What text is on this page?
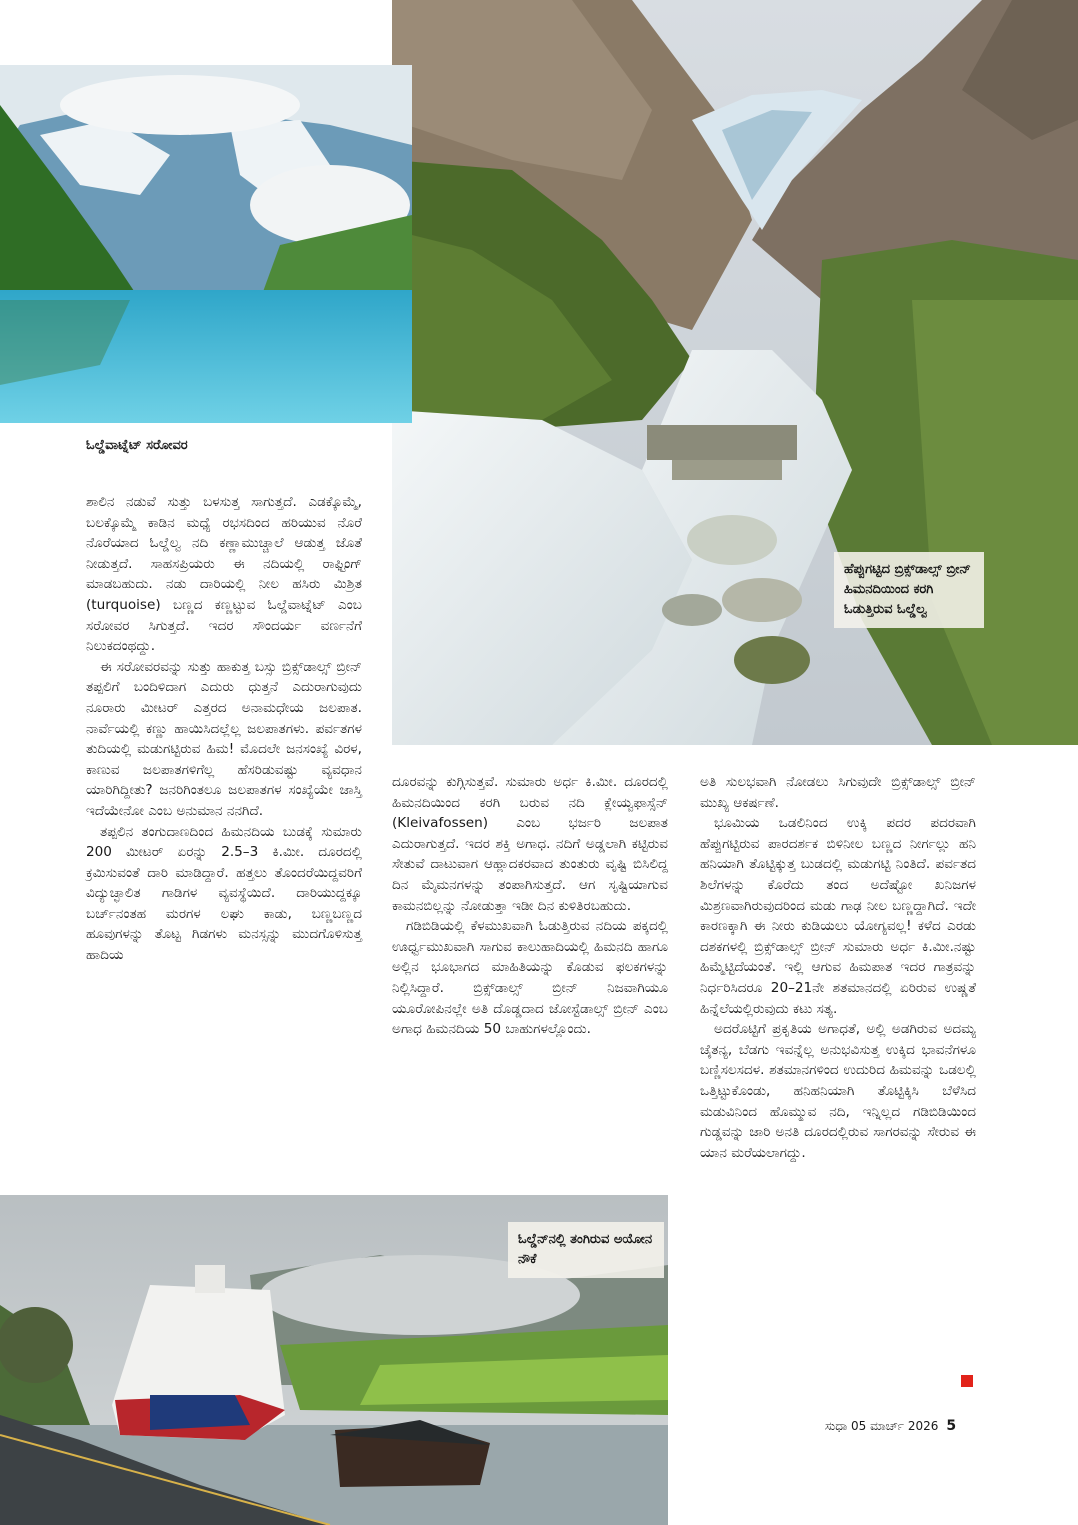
ಓಲ್ಡೆವಾಟ್ನೆಟ್ ಸರೋವರ
ಹೆಪ್ಪುಗಟ್ಟಿದ ಬ್ರಿಕ್ಸ್‌ಡಾಲ್ಸ್ ಬ್ರೀನ್ ಹಿಮನದಿಯಿಂದ ಕರಗಿ ಓಡುತ್ತಿರುವ ಓಲ್ಡೆಲ್ವ

ಶಾಲಿನ ನಡುವೆ ಸುತ್ತು ಬಳಸುತ್ತ ಸಾಗುತ್ತದೆ. ಎಡಕ್ಕೊಮ್ಮೆ, ಬಲಕ್ಕೊಮ್ಮೆ ಕಾಡಿನ ಮಧ್ಯೆ ರಭಸದಿಂದ ಹರಿಯುವ ನೊರೆ ನೊರೆಯಾದ ಓಲ್ಡೆಲ್ವ ನದಿ ಕಣ್ಣಾಮುಚ್ಚಾಲೆ ಆಡುತ್ತ ಜೊತೆ ನೀಡುತ್ತದೆ. ಸಾಹಸಪ್ರಿಯರು ಈ ನದಿಯಲ್ಲಿ ರಾಫ್ಟಿಂಗ್ ಮಾಡಬಹುದು. ನಡು ದಾರಿಯಲ್ಲಿ ನೀಲ ಹಸಿರು ಮಿಶ್ರಿತ (turquoise) ಬಣ್ಣದ ಕಣ್ಣಟ್ಟುವ ಓಲ್ಡೆವಾಟ್ನೆಟ್ ಎಂಬ ಸರೋವರ ಸಿಗುತ್ತದೆ. ಇದರ ಸೌಂದರ್ಯ ವರ್ಣನೆಗೆ ನಿಲುಕದಂಥದ್ದು.

ಈ ಸರೋವರವನ್ನು ಸುತ್ತು ಹಾಕುತ್ತ ಬಸ್ಸು ಬ್ರಿಕ್ಸ್‌ಡಾಲ್ಸ್ ಬ್ರೀನ್ ತಪ್ಪಲಿಗೆ ಬಂದಿಳಿದಾಗ ಎದುರು ಧುತ್ತನೆ ಎದುರಾಗುವುದು ನೂರಾರು ಮೀಟರ್ ಎತ್ತರದ ಅನಾಮಧೇಯ ಜಲಪಾತ. ನಾರ್ವೆಯಲ್ಲಿ ಕಣ್ಣು ಹಾಯಿಸಿದಲ್ಲೆಲ್ಲ ಜಲಪಾತಗಳು. ಪರ್ವತಗಳ ತುದಿಯಲ್ಲಿ ಮಡುಗಟ್ಟಿರುವ ಹಿಮ! ಮೊದಲೇ ಜನಸಂಖ್ಯೆ ವಿರಳ, ಕಾಣುವ ಜಲಪಾತಗಳಿಗೆಲ್ಲ ಹೆಸರಿಡುವಷ್ಟು ವ್ಯವಧಾನ ಯಾರಿಗಿದ್ದೀತು? ಜನರಿಗಿಂತಲೂ ಜಲಪಾತಗಳ ಸಂಖ್ಯೆಯೇ ಜಾಸ್ತಿ ಇದೆಯೇನೋ ಎಂಬ ಅನುಮಾನ ನನಗಿದೆ.

ತಪ್ಪಲಿನ ತಂಗುದಾಣದಿಂದ ಹಿಮನದಿಯ ಬುಡಕ್ಕೆ ಸುಮಾರು 200 ಮೀಟರ್ ಏರನ್ನು 2.5–3 ಕಿ.ಮೀ. ದೂರದಲ್ಲಿ ಕ್ರಮಿಸುವಂತೆ ದಾರಿ ಮಾಡಿದ್ದಾರೆ. ಹತ್ತಲು ತೊಂದರೆಯಿದ್ದವರಿಗೆ ವಿದ್ಯುಚ್ಛಾಲಿತ ಗಾಡಿಗಳ ವ್ಯವಸ್ಥೆಯಿದೆ. ದಾರಿಯುದ್ದಕ್ಕೂ ಬರ್ಚ್‌ನಂತಹ ಮರಗಳ ಲಘು ಕಾಡು, ಬಣ್ಣಬಣ್ಣದ ಹೂವುಗಳನ್ನು ತೊಟ್ಟ ಗಿಡಗಳು ಮನಸ್ಸನ್ನು ಮುದಗೊಳಿಸುತ್ತ ಹಾದಿಯ

ದೂರವನ್ನು ಕುಗ್ಗಿಸುತ್ತವೆ. ಸುಮಾರು ಅರ್ಧ ಕಿ.ಮೀ. ದೂರದಲ್ಲಿ ಹಿಮನದಿಯಿಂದ ಕರಗಿ ಬರುವ ನದಿ ಕ್ಲೇಯ್ವಫಾಸ್ಸೆನ್ (Kleivafossen) ಎಂಬ ಭರ್ಜರಿ ಜಲಪಾತ ಎದುರಾಗುತ್ತದೆ. ಇದರ ಶಕ್ತಿ ಅಗಾಧ. ನದಿಗೆ ಅಡ್ಡಲಾಗಿ ಕಟ್ಟಿರುವ ಸೇತುವೆ ದಾಟುವಾಗ ಆಹ್ಲಾದಕರವಾದ ತುಂತುರು ವೃಷ್ಟಿ ಬಿಸಿಲಿದ್ದ ದಿನ ಮೈಮನಗಳನ್ನು ತಂಪಾಗಿಸುತ್ತದೆ. ಆಗ ಸೃಷ್ಟಿಯಾಗುವ ಕಾಮನಬಿಲ್ಲನ್ನು ನೋಡುತ್ತಾ ಇಡೀ ದಿನ ಕುಳಿತಿರಬಹುದು.

ಗಡಿಬಿಡಿಯಲ್ಲಿ ಕೆಳಮುಖವಾಗಿ ಓಡುತ್ತಿರುವ ನದಿಯ ಪಕ್ಕದಲ್ಲಿ ಊರ್ಧ್ವಮುಖವಾಗಿ ಸಾಗುವ ಕಾಲುಹಾದಿಯಲ್ಲಿ ಹಿಮನದಿ ಹಾಗೂ ಅಲ್ಲಿನ ಭೂಭಾಗದ ಮಾಹಿತಿಯನ್ನು ಕೊಡುವ ಫಲಕಗಳನ್ನು ನಿಲ್ಲಿಸಿದ್ದಾರೆ. ಬ್ರಿಕ್ಸ್‌ಡಾಲ್ಸ್ ಬ್ರೀನ್ ನಿಜವಾಗಿಯೂ ಯೂರೋಪಿನಲ್ಲೇ ಅತಿ ದೊಡ್ಡದಾದ ಜೋಸ್ಟೆಡಾಲ್ಸ್ ಬ್ರೀನ್ ಎಂಬ ಅಗಾಧ ಹಿಮನದಿಯ 50 ಬಾಹುಗಳಲ್ಲೊಂದು.

ಅತಿ ಸುಲಭವಾಗಿ ನೋಡಲು ಸಿಗುವುದೇ ಬ್ರಿಕ್ಸ್‌ಡಾಲ್ಸ್ ಬ್ರೀನ್ ಮುಖ್ಯ ಆಕರ್ಷಣೆ.

ಭೂಮಿಯ ಒಡಲಿನಿಂದ ಉಕ್ಕಿ ಪದರ ಪದರವಾಗಿ ಹೆಪ್ಪುಗಟ್ಟಿರುವ ಪಾರದರ್ಶಕ ಬಿಳಿನೀಲ ಬಣ್ಣದ ನೀರ್ಗಲ್ಲು ಹನಿ ಹನಿಯಾಗಿ ತೊಟ್ಟಿಕ್ಕುತ್ತ ಬುಡದಲ್ಲಿ ಮಡುಗಟ್ಟಿ ನಿಂತಿದೆ. ಪರ್ವತದ ಶಿಲೆಗಳನ್ನು ಕೊರೆದು ತಂದ ಅದೆಷ್ಟೋ ಖನಿಜಗಳ ಮಿಶ್ರಣವಾಗಿರುವುದರಿಂದ ಮಡು ಗಾಢ ನೀಲ ಬಣ್ಣದ್ದಾಗಿದೆ. ಇದೇ ಕಾರಣಕ್ಕಾಗಿ ಈ ನೀರು ಕುಡಿಯಲು ಯೋಗ್ಯವಲ್ಲ! ಕಳೆದ ಎರಡು ದಶಕಗಳಲ್ಲಿ ಬ್ರಿಕ್ಸ್‌ಡಾಲ್ಸ್ ಬ್ರೀನ್ ಸುಮಾರು ಅರ್ಧ ಕಿ.ಮೀ.ನಷ್ಟು ಹಿಮ್ಮೆಟ್ಟಿದೆಯಂತೆ. ಇಲ್ಲಿ ಆಗುವ ಹಿಮಪಾತ ಇದರ ಗಾತ್ರವನ್ನು ನಿರ್ಧರಿಸಿದರೂ 20–21ನೇ ಶತಮಾನದಲ್ಲಿ ಏರಿರುವ ಉಷ್ಣತೆ ಹಿನ್ನೆಲೆಯಲ್ಲಿರುವುದು ಕಟು ಸತ್ಯ.

ಅದರೊಟ್ಟಿಗೆ ಪ್ರಕೃತಿಯ ಅಗಾಧತೆ, ಅಲ್ಲಿ ಅಡಗಿರುವ ಅದಮ್ಯ ಚೈತನ್ಯ, ಬೆಡಗು ಇವನ್ನೆಲ್ಲ ಅನುಭವಿಸುತ್ತ ಉಕ್ಕಿದ ಭಾವನೆಗಳೂ ಬಣ್ಣಿಸಲಸದಳ. ಶತಮಾನಗಳಿಂದ ಉದುರಿದ ಹಿಮವನ್ನು ಒಡಲಲ್ಲಿ ಒತ್ತಿಟ್ಟುಕೊಂಡು, ಹನಿಹನಿಯಾಗಿ ತೊಟ್ಟಿಕ್ಕಿಸಿ ಬೆಳೆಸಿದ ಮಡುವಿನಿಂದ ಹೊಮ್ಮುವ ನದಿ, ಇನ್ನಿಲ್ಲದ ಗಡಿಬಿಡಿಯಿಂದ ಗುಡ್ಡವನ್ನು ಜಾರಿ ಅನತಿ ದೂರದಲ್ಲಿರುವ ಸಾಗರವನ್ನು ಸೇರುವ ಈ ಯಾನ ಮರೆಯಲಾಗದ್ದು.

ಓಲ್ಡೆನ್‌ನಲ್ಲಿ ತಂಗಿರುವ ಅಯೋನ ನೌಕೆ
ಸುಧಾ 05 ಮಾರ್ಚ್ 2026 5
